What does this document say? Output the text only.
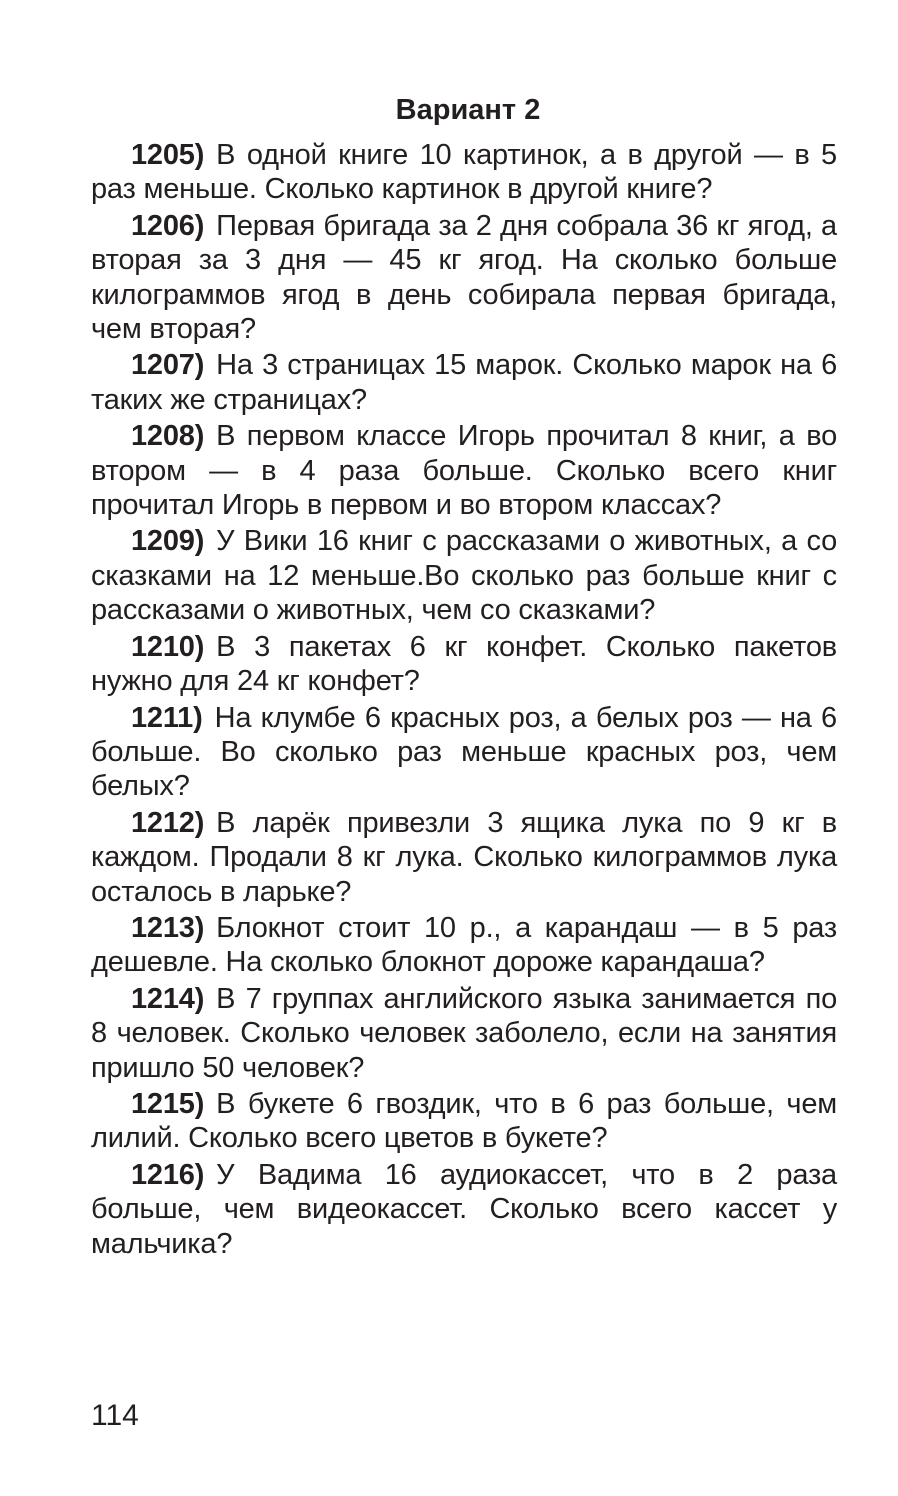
Вариант 2
1205) В одной книге 10 картинок, а в другой — в 5 раз меньше. Сколько картинок в другой книге?
1206) Первая бригада за 2 дня собрала 36 кг ягод, а вторая за 3 дня — 45 кг ягод. На сколько больше килограммов ягод в день собирала первая бригада, чем вторая?
1207) На 3 страницах 15 марок. Сколько марок на 6 таких же страницах?
1208) В первом классе Игорь прочитал 8 книг, а во втором — в 4 раза больше. Сколько всего книг прочитал Игорь в первом и во втором классах?
1209) У Вики 16 книг с рассказами о животных, а со сказками на 12 меньше.Во сколько раз больше книг с рассказами о животных, чем со сказками?
1210) В 3 пакетах 6 кг конфет. Сколько пакетов нужно для 24 кг конфет?
1211) На клумбе 6 красных роз, а белых роз — на 6 больше. Во сколько раз меньше красных роз, чем белых?
1212) В ларёк привезли 3 ящика лука по 9 кг в каждом. Продали 8 кг лука. Сколько килограммов лука осталось в ларьке?
1213) Блокнот стоит 10 р., а карандаш — в 5 раз дешевле. На сколько блокнот дороже карандаша?
1214) В 7 группах английского языка занимается по 8 человек. Сколько человек заболело, если на занятия пришло 50 человек?
1215) В букете 6 гвоздик, что в 6 раз больше, чем лилий. Сколько всего цветов в букете?
1216) У Вадима 16 аудиокассет, что в 2 раза больше, чем видеокассет. Сколько всего кассет у мальчика?
114
